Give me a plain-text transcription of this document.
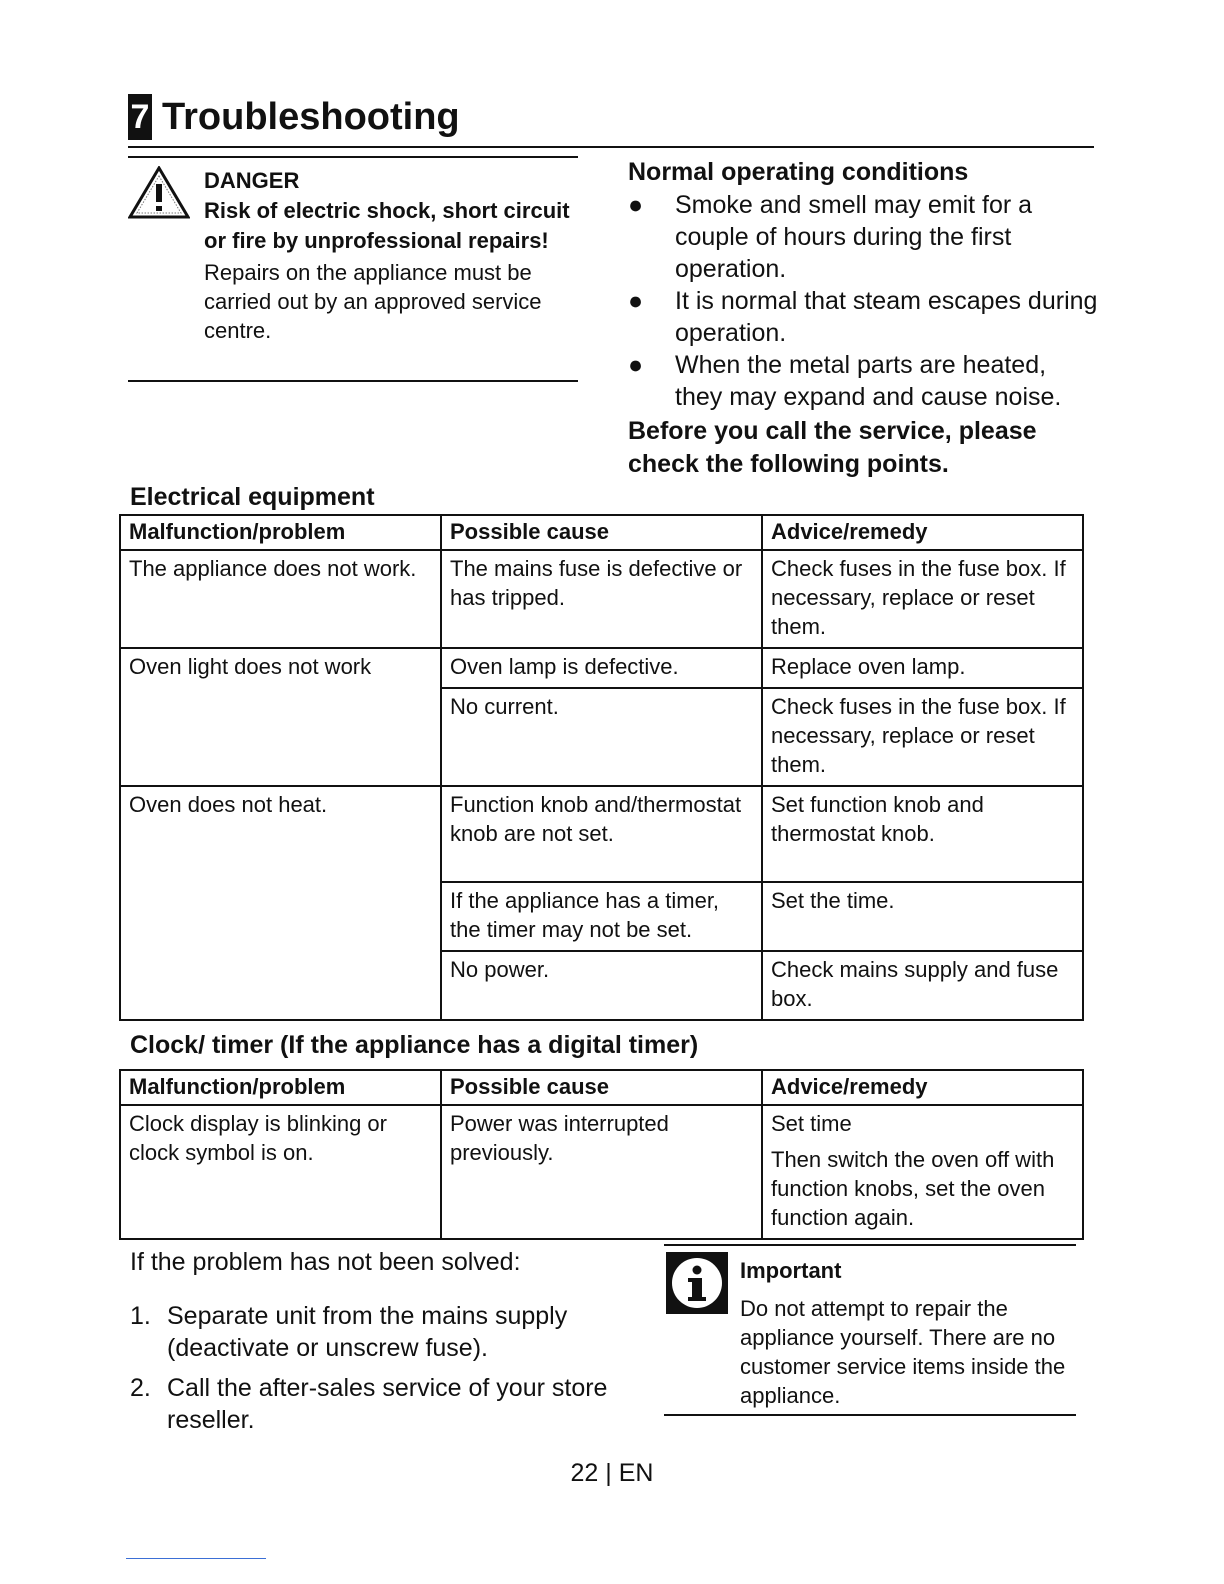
7 Troubleshooting
DANGER
Risk of electric shock, short circuit or fire by unprofessional repairs!
Repairs on the appliance must be carried out by an approved service centre.
Normal operating conditions
● Smoke and smell may emit for a couple of hours during the first operation.
● It is normal that steam escapes during operation.
● When the metal parts are heated, they may expand and cause noise.
Before you call the service, please check the following points.
Electrical equipment
Malfunction/problem	Possible cause	Advice/remedy
The appliance does not work.	The mains fuse is defective or has tripped.	Check fuses in the fuse box. If necessary, replace or reset them.
Oven light does not work	Oven lamp is defective.	Replace oven lamp.
	No current.	Check fuses in the fuse box. If necessary, replace or reset them.
Oven does not heat.	Function knob and/thermostat knob are not set.	Set function knob and thermostat knob.
	If the appliance has a timer, the timer may not be set.	Set the time.
	No power.	Check mains supply and fuse box.
Clock/ timer (If the appliance has a digital timer)
Malfunction/problem	Possible cause	Advice/remedy
Clock display is blinking or clock symbol is on.	Power was interrupted previously.	Set time
Then switch the oven off with function knobs, set the oven function again.
If the problem has not been solved:
1. Separate unit from the mains supply (deactivate or unscrew fuse).
2. Call the after-sales service of your store reseller.
Important
Do not attempt to repair the appliance yourself. There are no customer service items inside the appliance.
22 | EN
